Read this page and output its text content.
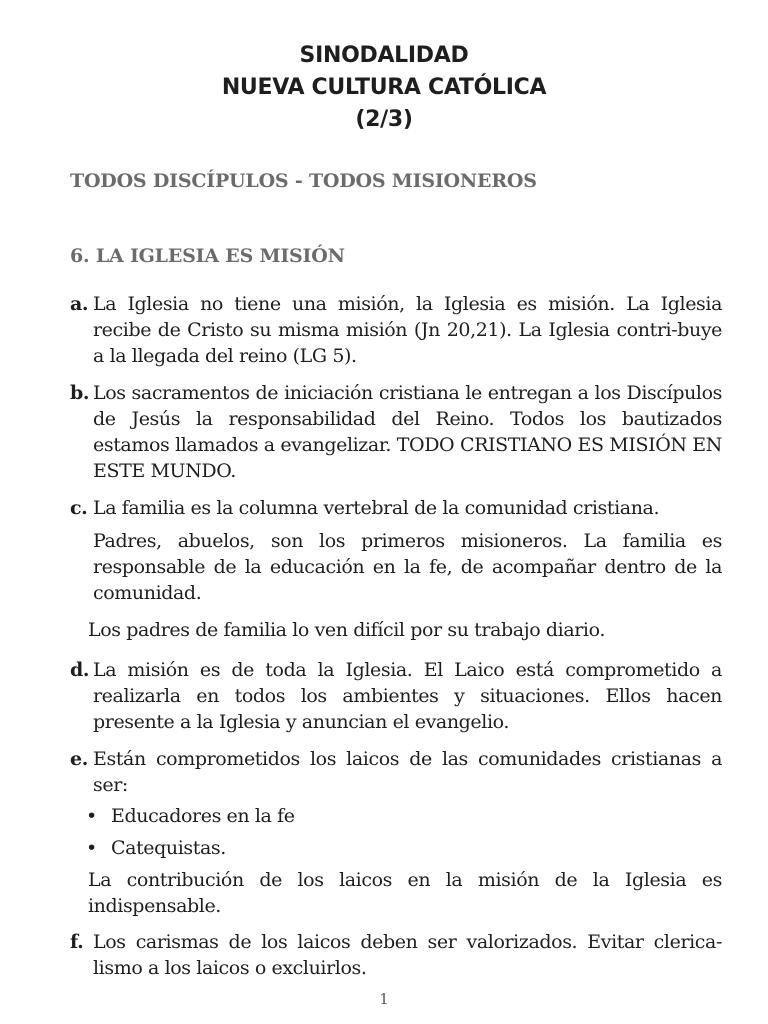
SINODALIDAD
NUEVA CULTURA CATÓLICA
(2/3)
TODOS DISCÍPULOS - TODOS MISIONEROS
6. LA IGLESIA ES MISIÓN
a. La Iglesia no tiene una misión, la Iglesia es misión. La Iglesia recibe de Cristo su misma misión (Jn 20,21). La Iglesia contri-buye a la llegada del reino (LG 5).
b. Los sacramentos de iniciación cristiana le entregan a los Discípulos de Jesús la responsabilidad del Reino. Todos los bautizados estamos llamados a evangelizar. TODO CRISTIANO ES MISIÓN EN ESTE MUNDO.
c. La familia es la columna vertebral de la comunidad cristiana.
Padres, abuelos, son los primeros misioneros. La familia es responsable de la educación en la fe, de acompañar dentro de la comunidad.
Los padres de familia lo ven difícil por su trabajo diario.
d. La misión es de toda la Iglesia. El Laico está comprometido a realizarla en todos los ambientes y situaciones. Ellos hacen presente a la Iglesia y anuncian el evangelio.
e. Están comprometidos los laicos de las comunidades cristianas a ser:
• Educadores en la fe
• Catequistas.
La contribución de los laicos en la misión de la Iglesia es indispensable.
f. Los carismas de los laicos deben ser valorizados. Evitar clerica-lismo a los laicos o excluirlos.
1
